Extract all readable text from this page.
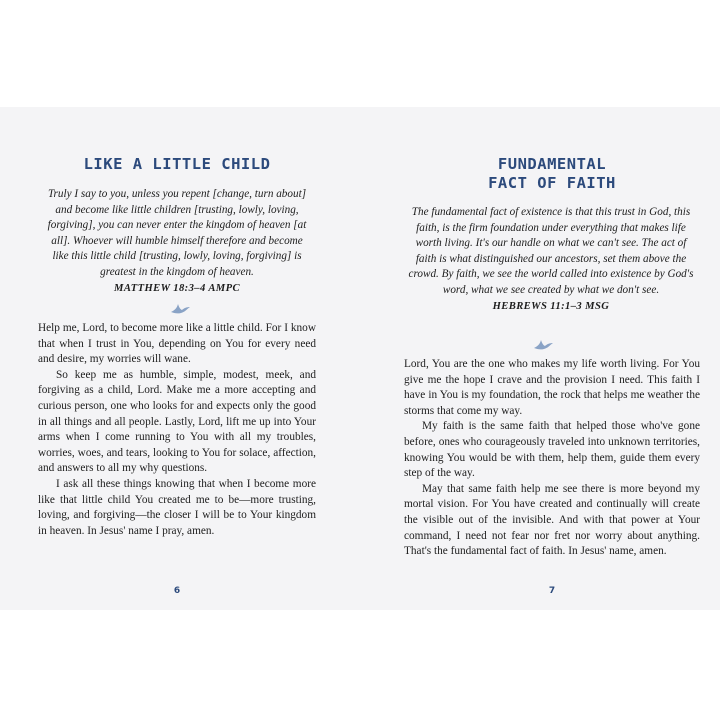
LIKE A LITTLE CHILD
Truly I say to you, unless you repent [change, turn about] and become like little children [trusting, lowly, loving, forgiving], you can never enter the kingdom of heaven [at all]. Whoever will humble himself therefore and become like this little child [trusting, lowly, loving, forgiving] is greatest in the kingdom of heaven.
MATTHEW 18:3–4 AMPC

Help me, Lord, to become more like a little child. For I know that when I trust in You, depending on You for every need and desire, my worries will wane.

So keep me as humble, simple, modest, meek, and forgiving as a child, Lord. Make me a more accepting and curious person, one who looks for and expects only the good in all things and all people. Lastly, Lord, lift me up into Your arms when I come running to You with all my troubles, worries, woes, and tears, looking to You for solace, affection, and answers to all my why questions.

I ask all these things knowing that when I become more like that little child You created me to be—more trusting, loving, and forgiving—the closer I will be to Your kingdom in heaven. In Jesus' name I pray, amen.

6
FUNDAMENTAL
FACT OF FAITH
The fundamental fact of existence is that this trust in God, this faith, is the firm foundation under everything that makes life worth living. It's our handle on what we can't see. The act of faith is what distinguished our ancestors, set them above the crowd. By faith, we see the world called into existence by God's word, what we see created by what we don't see.
HEBREWS 11:1–3 MSG

Lord, You are the one who makes my life worth living. For You give me the hope I crave and the provision I need. This faith I have in You is my foundation, the rock that helps me weather the storms that come my way.

My faith is the same faith that helped those who've gone before, ones who courageously traveled into unknown territories, knowing You would be with them, help them, guide them every step of the way.

May that same faith help me see there is more beyond my mortal vision. For You have created and continually will create the visible out of the invisible. And with that power at Your command, I need not fear nor fret nor worry about anything. That's the fundamental fact of faith. In Jesus' name, amen.

7
